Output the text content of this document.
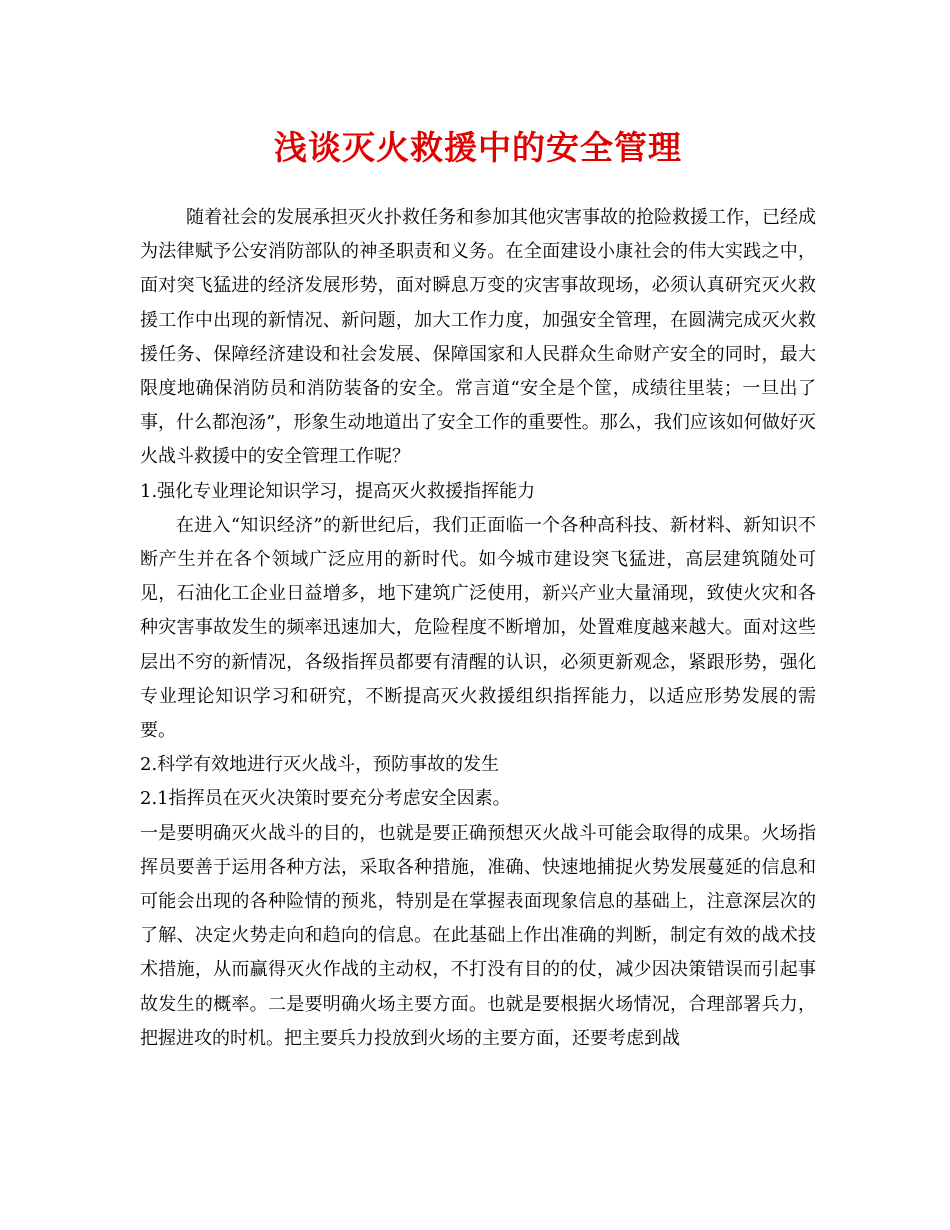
浅谈灭火救援中的安全管理

随着社会的发展承担灭火扑救任务和参加其他灾害事故的抢险救援工作，已经成为法律赋予公安消防部队的神圣职责和义务。在全面建设小康社会的伟大实践之中，面对突飞猛进的经济发展形势，面对瞬息万变的灾害事故现场，必须认真研究灭火救援工作中出现的新情况、新问题，加大工作力度，加强安全管理，在圆满完成灭火救援任务、保障经济建设和社会发展、保障国家和人民群众生命财产安全的同时，最大限度地确保消防员和消防装备的安全。常言道“安全是个筐，成绩往里装；一旦出了事，什么都泡汤”，形象生动地道出了安全工作的重要性。那么，我们应该如何做好灭火战斗救援中的安全管理工作呢？

1.强化专业理论知识学习，提高灭火救援指挥能力

在进入“知识经济”的新世纪后，我们正面临一个各种高科技、新材料、新知识不断产生并在各个领域广泛应用的新时代。如今城市建设突飞猛进，高层建筑随处可见，石油化工企业日益增多，地下建筑广泛使用，新兴产业大量涌现，致使火灾和各种灾害事故发生的频率迅速加大，危险程度不断增加，处置难度越来越大。面对这些层出不穷的新情况，各级指挥员都要有清醒的认识，必须更新观念，紧跟形势，强化专业理论知识学习和研究，不断提高灭火救援组织指挥能力，以适应形势发展的需要。

2.科学有效地进行灭火战斗，预防事故的发生

2.1指挥员在灭火决策时要充分考虑安全因素。

一是要明确灭火战斗的目的，也就是要正确预想灭火战斗可能会取得的成果。火场指挥员要善于运用各种方法，采取各种措施，准确、快速地捕捉火势发展蔓延的信息和可能会出现的各种险情的预兆，特别是在掌握表面现象信息的基础上，注意深层次的了解、决定火势走向和趋向的信息。在此基础上作出准确的判断，制定有效的战术技术措施，从而赢得灭火作战的主动权，不打没有目的的仗，减少因决策错误而引起事故发生的概率。二是要明确火场主要方面。也就是要根据火场情况，合理部署兵力，把握进攻的时机。把主要兵力投放到火场的主要方面，还要考虑到战
